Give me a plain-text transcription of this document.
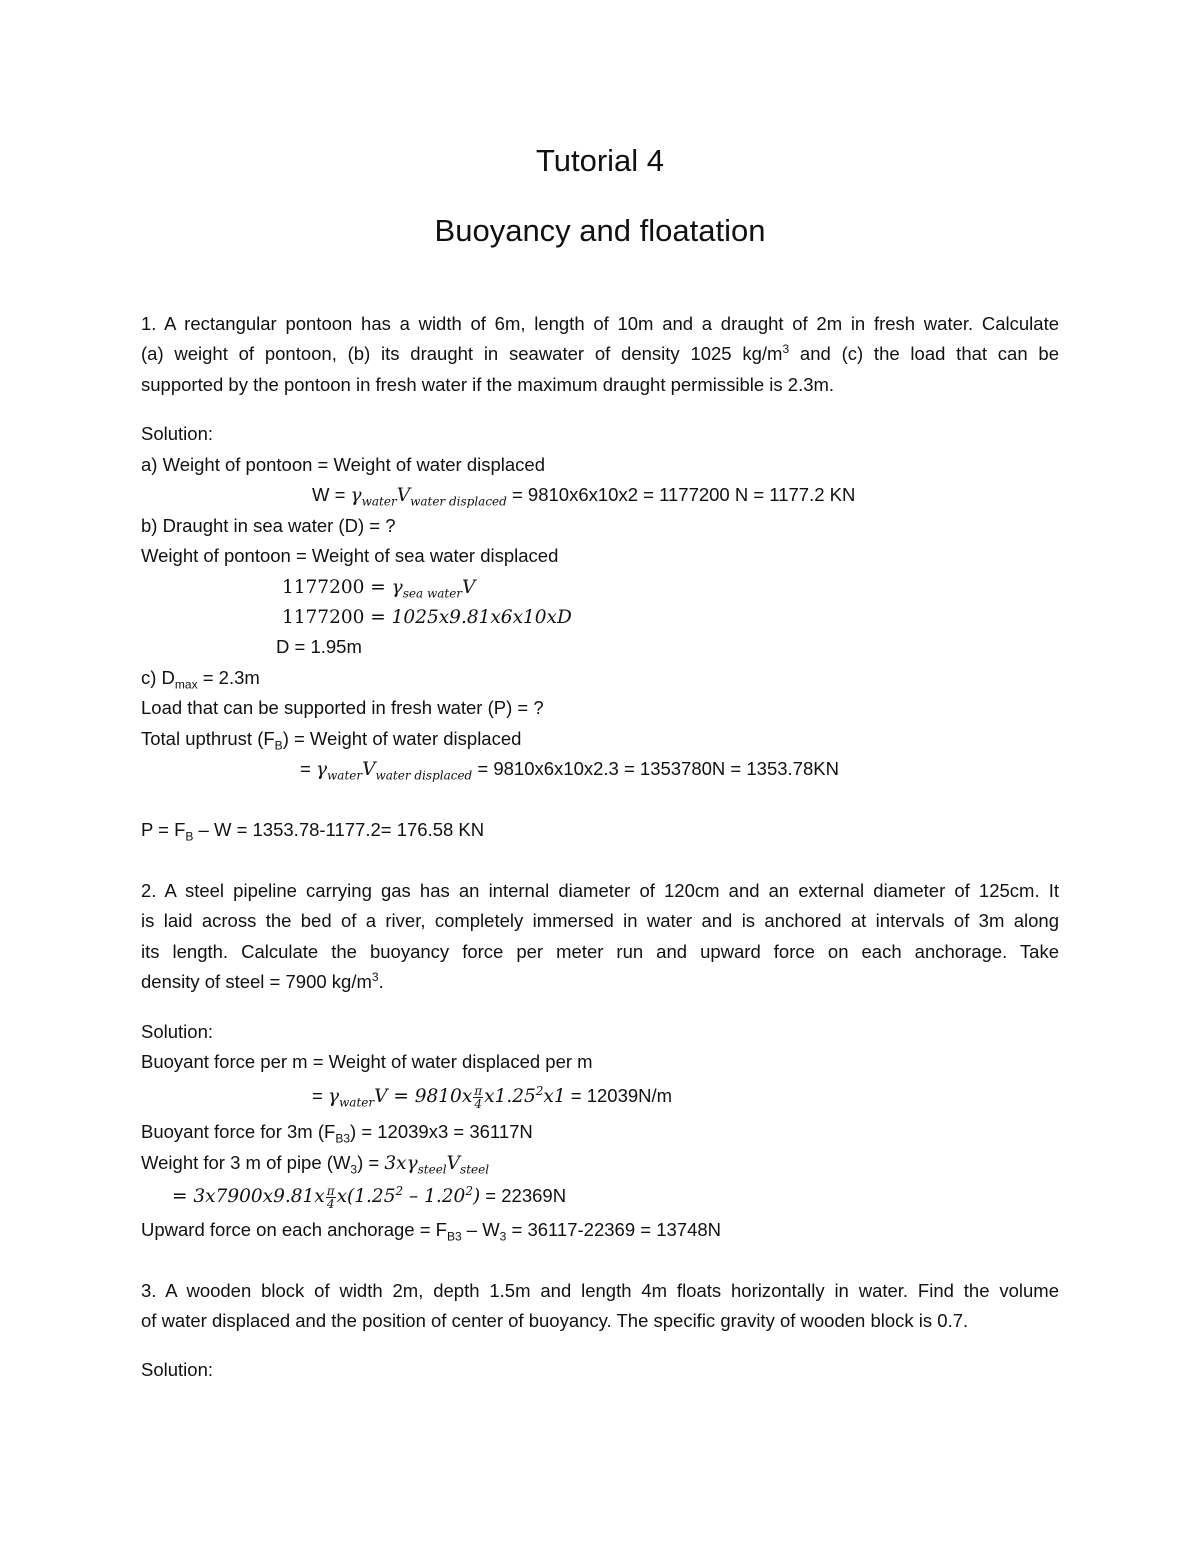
Tutorial 4
Buoyancy and floatation
1. A rectangular pontoon has a width of 6m, length of 10m and a draught of 2m in fresh water. Calculate
(a) weight of pontoon, (b) its draught in seawater of density 1025 $kg/m^3$ and (c) the load that can be
supported by the pontoon in fresh water if the maximum draught permissible is 2.3m.
Solution:
a) Weight of pontoon = Weight of water displaced
$W = \gamma_{water}V_{water displaced} = 9810x6x10x2 = 1177200$ N = 1177.2 KN
b) Draught in sea water (D) = ?
Weight of pontoon = Weight of sea water displaced
$1177200 = \gamma_{sea water}V$
1177200 = 1025x9.81x6x10xD
D = 1.95m
c) $D_{max} = 2.3m$
Load that can be supported in fresh water (P) = ?
Total upthrust $(F_B)$ = Weight of water displaced
= $\gamma_{water}V_{water displaced} = 9810x6x10x2.3 = 1353780N = 1353.78KN$
$P = F_B - W = 1353.78-1177.2= 176.58$ KN
2. A steel pipeline carrying gas has an internal diameter of 120cm and an external diameter of 125cm. It
is laid across the bed of a river, completely immersed in water and is anchored at intervals of 3m along
its length. Calculate the buoyancy force per meter run and upward force on each anchorage. Take
density of steel = 7900 $kg/m^3$.
Solution:
Buoyant force per m = Weight of water displaced per m
= $\gamma_{water}V = 9810x \frac{\pi}{4} x1.25^2x1 = 12039N/m$
Buoyant force for 3m $(F_{B3}) = 12039x3 = 36117N$
Weight for 3 m of pipe $(W_3) = 3x\gamma_{steel}V_{steel}$
= $3x7900x9.81x \frac{\pi}{4} x(1.25^2 - 1.20^2) = 22369N$
Upward force on each anchorage = $F_{B3} - W_3 = 36117-22369 = 13748N$
3. A wooden block of width 2m, depth 1.5m and length 4m floats horizontally in water. Find the volume
of water displaced and the position of center of buoyancy. The specific gravity of wooden block is 0.7.
Solution:
